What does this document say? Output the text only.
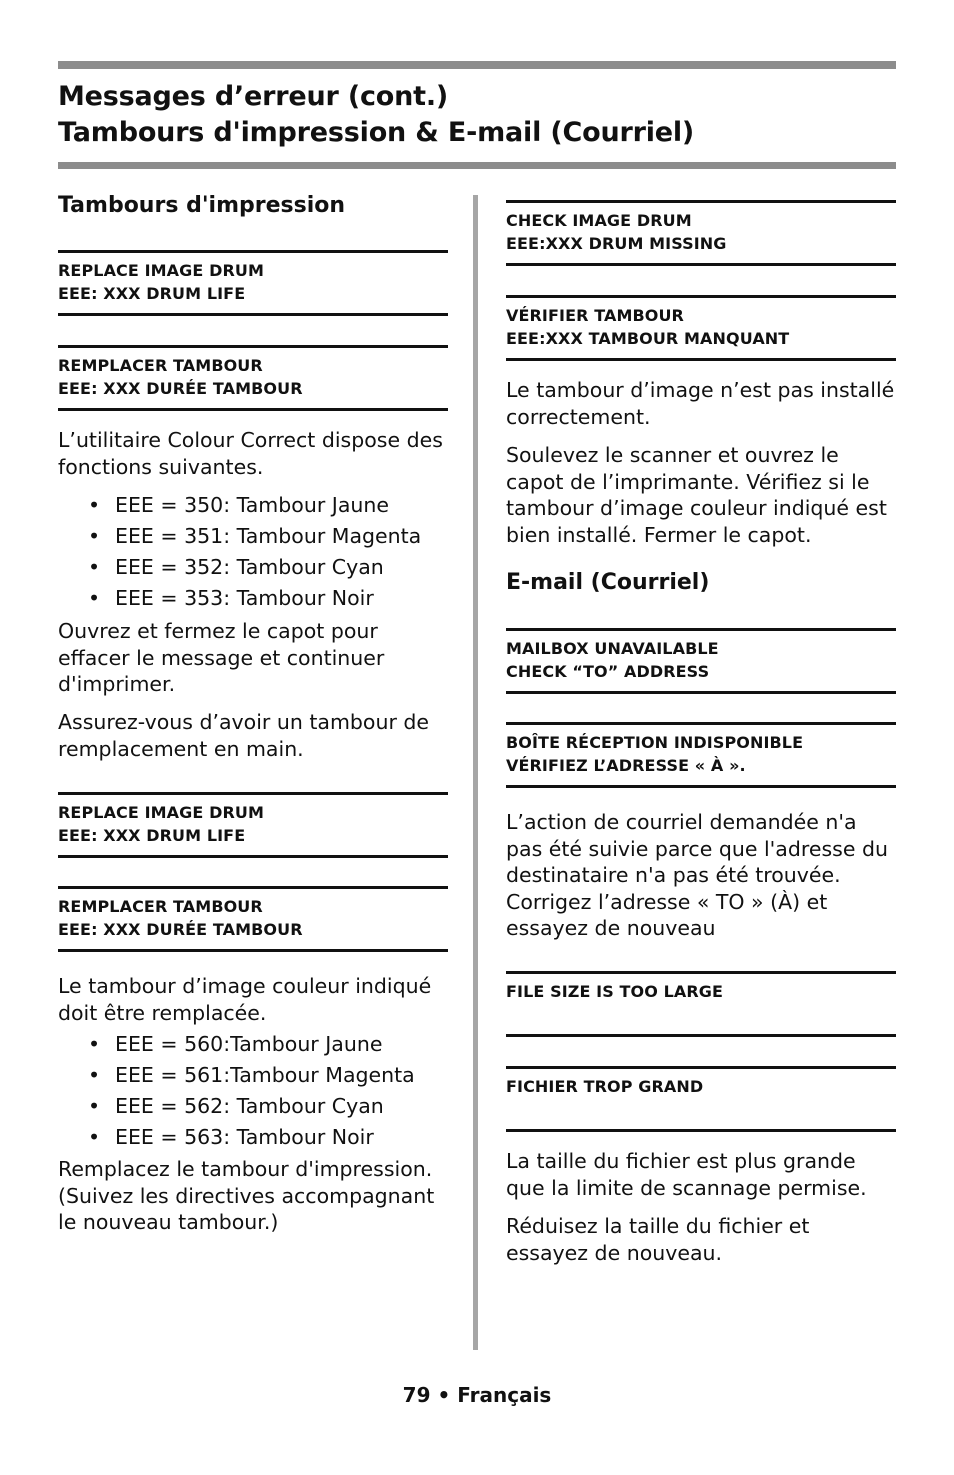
Messages d’erreur (cont.)
Tambours d'impression & E-mail (Courriel)
Tambours d'impression
REPLACE IMAGE DRUM
EEE: XXX DRUM LIFE
REMPLACER TAMBOUR
EEE: XXX DURÉE TAMBOUR

L’utilitaire Colour Correct dispose des fonctions suivantes.

• EEE = 350: Tambour Jaune
• EEE = 351: Tambour Magenta
• EEE = 352: Tambour Cyan
• EEE = 353: Tambour Noir

Ouvrez et fermez le capot pour effacer le message et continuer d'imprimer.

Assurez-vous d’avoir un tambour de remplacement en main.

REPLACE IMAGE DRUM
EEE: XXX DRUM LIFE
REMPLACER TAMBOUR
EEE: XXX DURÉE TAMBOUR

Le tambour d’image couleur indiqué doit être remplacée.

• EEE = 560:Tambour Jaune
• EEE = 561:Tambour Magenta
• EEE = 562: Tambour Cyan
• EEE = 563: Tambour Noir

Remplacez le tambour d'impression. (Suivez les directives accompagnant le nouveau tambour.)

CHECK IMAGE DRUM
EEE:XXX DRUM MISSING
VÉRIFIER TAMBOUR
EEE:XXX TAMBOUR MANQUANT

Le tambour d’image n’est pas installé correctement.

Soulevez le scanner et ouvrez le capot de l’imprimante. Vérifiez si le tambour d’image couleur indiqué est bien installé. Fermer le capot.

E-mail (Courriel)
MAILBOX UNAVAILABLE
CHECK “TO” ADDRESS
BOÎTE RÉCEPTION INDISPONIBLE
VÉRIFIEZ L’ADRESSE « À ».

L’action de courriel demandée n'a pas été suivie parce que l'adresse du destinataire n'a pas été trouvée. Corrigez l’adresse « TO » (À) et essayez de nouveau

FILE SIZE IS TOO LARGE
FICHIER TROP GRAND

La taille du fichier est plus grande que la limite de scannage permise.

Réduisez la taille du fichier et essayez de nouveau.

79 • Français
